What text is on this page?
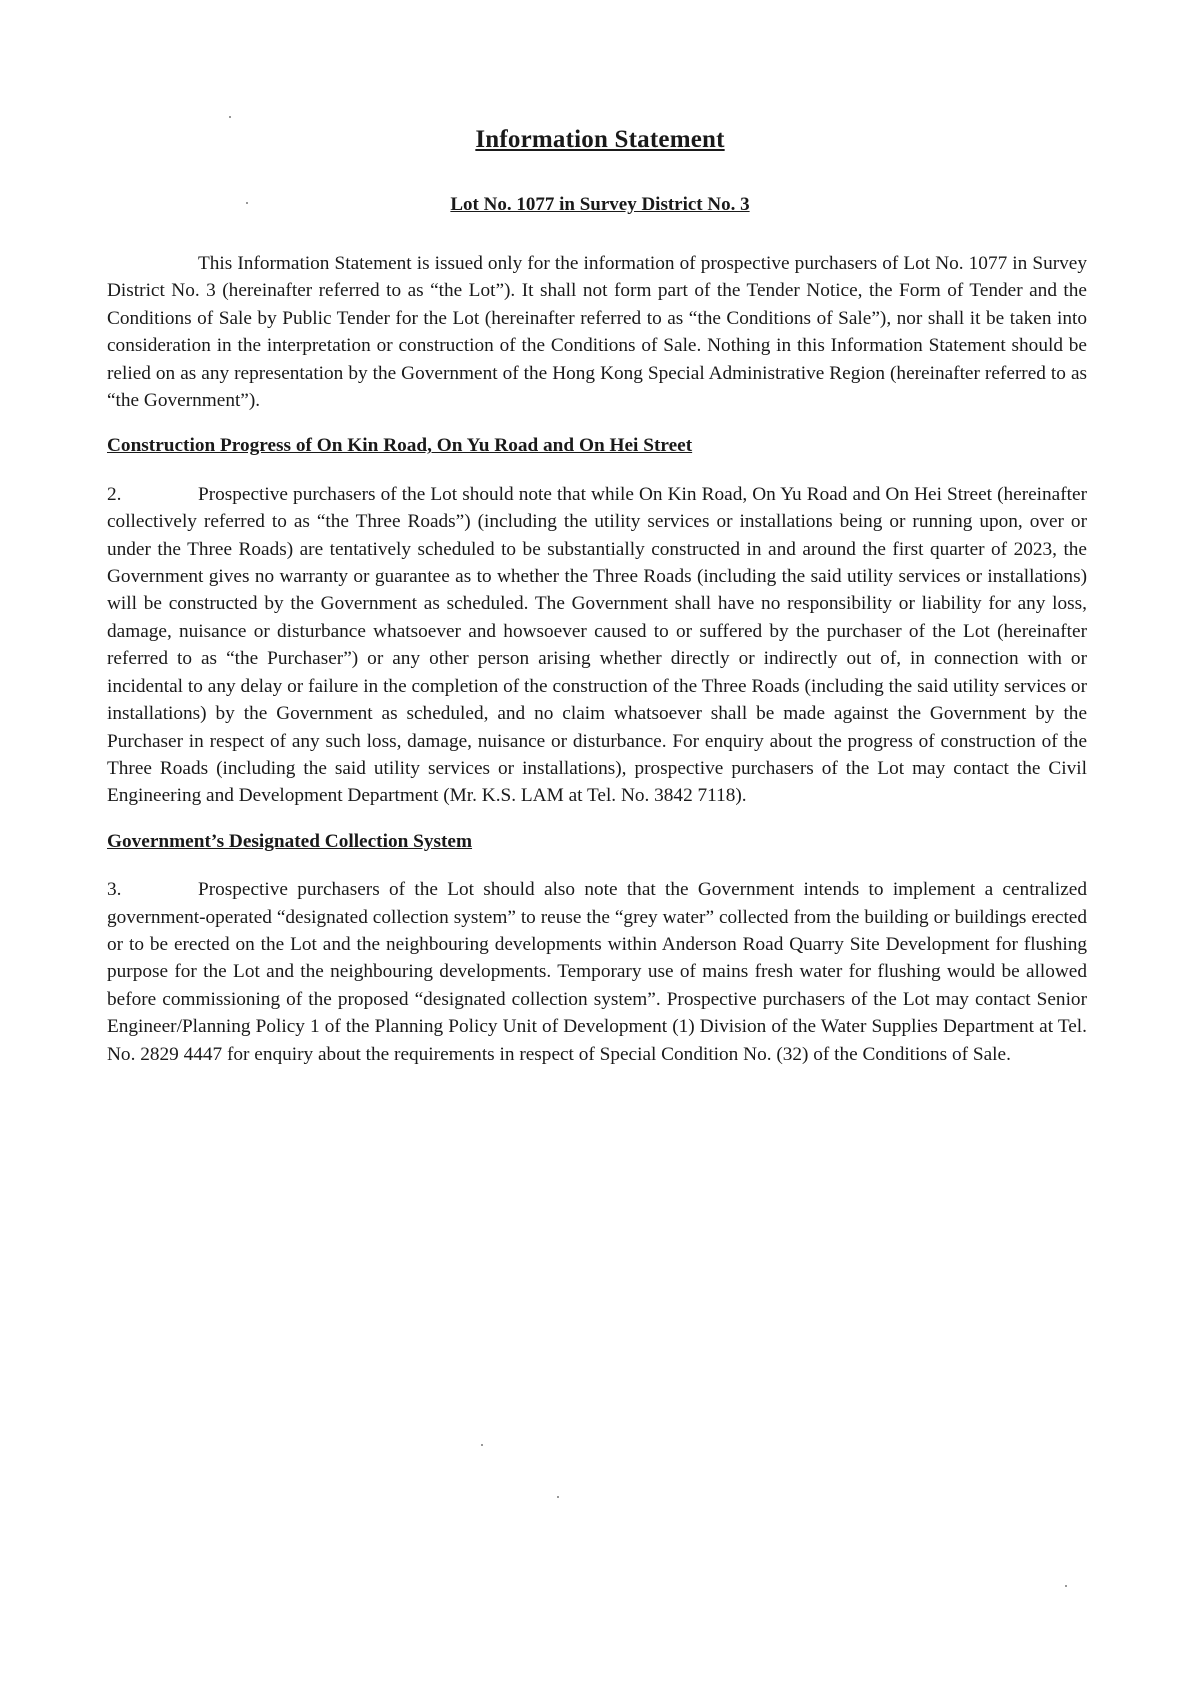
Information Statement
Lot No. 1077 in Survey District No. 3

This Information Statement is issued only for the information of prospective purchasers of Lot No. 1077 in Survey District No. 3 (hereinafter referred to as “the Lot”). It shall not form part of the Tender Notice, the Form of Tender and the Conditions of Sale by Public Tender for the Lot (hereinafter referred to as “the Conditions of Sale”), nor shall it be taken into consideration in the interpretation or construction of the Conditions of Sale. Nothing in this Information Statement should be relied on as any representation by the Government of the Hong Kong Special Administrative Region (hereinafter referred to as “the Government”).

Construction Progress of On Kin Road, On Yu Road and On Hei Street

2.	Prospective purchasers of the Lot should note that while On Kin Road, On Yu Road and On Hei Street (hereinafter collectively referred to as “the Three Roads”) (including the utility services or installations being or running upon, over or under the Three Roads) are tentatively scheduled to be substantially constructed in and around the first quarter of 2023, the Government gives no warranty or guarantee as to whether the Three Roads (including the said utility services or installations) will be constructed by the Government as scheduled. The Government shall have no responsibility or liability for any loss, damage, nuisance or disturbance whatsoever and howsoever caused to or suffered by the purchaser of the Lot (hereinafter referred to as “the Purchaser”) or any other person arising whether directly or indirectly out of, in connection with or incidental to any delay or failure in the completion of the construction of the Three Roads (including the said utility services or installations) by the Government as scheduled, and no claim whatsoever shall be made against the Government by the Purchaser in respect of any such loss, damage, nuisance or disturbance. For enquiry about the progress of construction of the Three Roads (including the said utility services or installations), prospective purchasers of the Lot may contact the Civil Engineering and Development Department (Mr. K.S. LAM at Tel. No. 3842 7118).

Government’s Designated Collection System

3.	Prospective purchasers of the Lot should also note that the Government intends to implement a centralized government-operated “designated collection system” to reuse the “grey water” collected from the building or buildings erected or to be erected on the Lot and the neighbouring developments within Anderson Road Quarry Site Development for flushing purpose for the Lot and the neighbouring developments. Temporary use of mains fresh water for flushing would be allowed before commissioning of the proposed “designated collection system”. Prospective purchasers of the Lot may contact Senior Engineer/Planning Policy 1 of the Planning Policy Unit of Development (1) Division of the Water Supplies Department at Tel. No. 2829 4447 for enquiry about the requirements in respect of Special Condition No. (32) of the Conditions of Sale.
